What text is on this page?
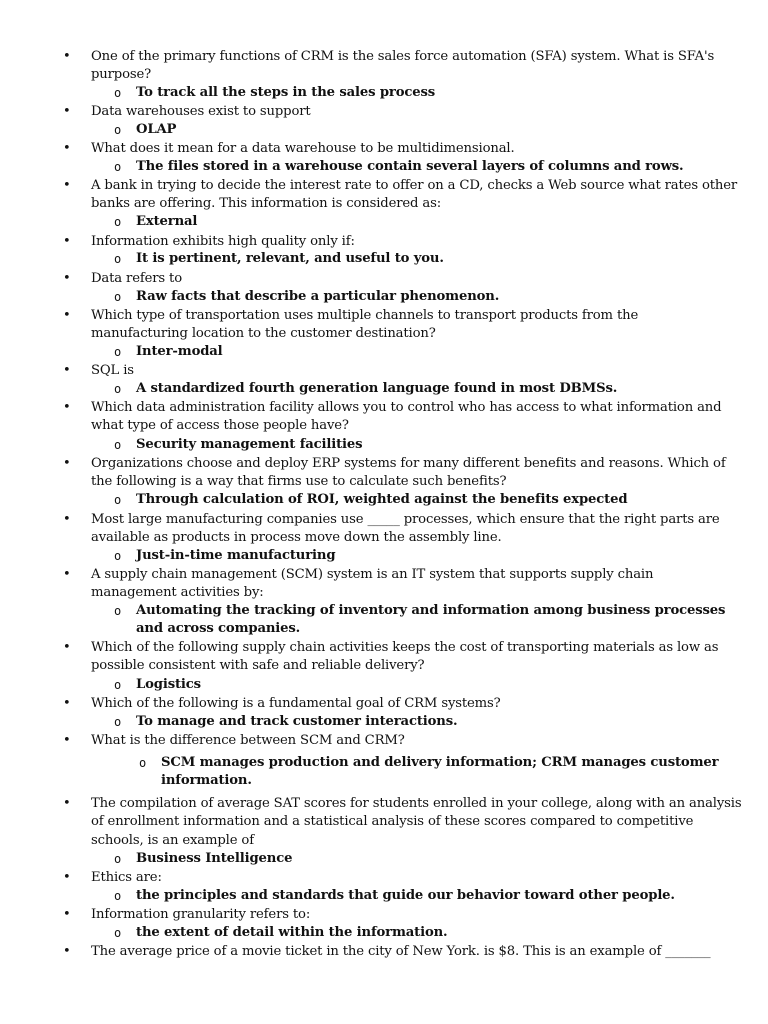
• One of the primary functions of CRM is the sales force automation (SFA) system. What is SFA's
purpose?
o To track all the steps in the sales process
• Data warehouses exist to support
o OLAP
• What does it mean for a data warehouse to be multidimensional.
o The files stored in a warehouse contain several layers of columns and rows.
• A bank in trying to decide the interest rate to offer on a CD, checks a Web source what rates other
banks are offering. This information is considered as:
o External
• Information exhibits high quality only if:
o It is pertinent, relevant, and useful to you.
• Data refers to
o Raw facts that describe a particular phenomenon.
• Which type of transportation uses multiple channels to transport products from the
manufacturing location to the customer destination?
o Inter-modal
• SQL is
o A standardized fourth generation language found in most DBMSs.
• Which data administration facility allows you to control who has access to what information and
what type of access those people have?
o Security management facilities
• Organizations choose and deploy ERP systems for many different benefits and reasons. Which of
the following is a way that firms use to calculate such benefits?
o Through calculation of ROI, weighted against the benefits expected
• Most large manufacturing companies use _____ processes, which ensure that the right parts are
available as products in process move down the assembly line.
o Just-in-time manufacturing
• A supply chain management (SCM) system is an IT system that supports supply chain
management activities by:
o Automating the tracking of inventory and information among business processes
and across companies.
• Which of the following supply chain activities keeps the cost of transporting materials as low as
possible consistent with safe and reliable delivery?
o Logistics
• Which of the following is a fundamental goal of CRM systems?
o To manage and track customer interactions.
• What is the difference between SCM and CRM?
o SCM manages production and delivery information; CRM manages customer
information.
• The compilation of average SAT scores for students enrolled in your college, along with an analysis
of enrollment information and a statistical analysis of these scores compared to competitive
schools, is an example of
o Business Intelligence
• Ethics are:
o the principles and standards that guide our behavior toward other people.
• Information granularity refers to:
o the extent of detail within the information.
• The average price of a movie ticket in the city of New York. is $8. This is an example of _______
